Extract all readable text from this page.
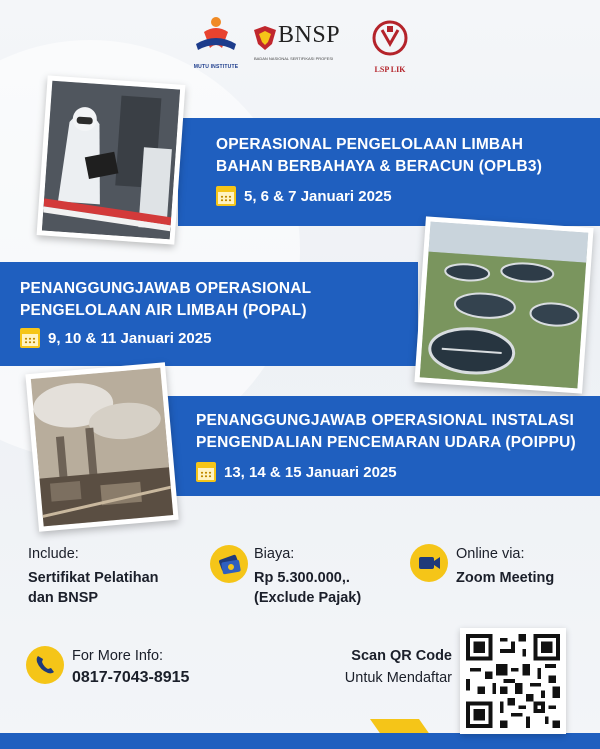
MUTU INSTITUTE
BNSP
BADAN NASIONAL SERTIFIKASI PROFESI
LSP LIK
OPERASIONAL PENGELOLAAN LIMBAH
BAHAN BERBAHAYA & BERACUN (OPLB3)
5, 6 & 7 Januari 2025
PENANGGUNGJAWAB OPERASIONAL
PENGELOLAAN AIR LIMBAH (POPAL)
9, 10 & 11 Januari 2025
PENANGGUNGJAWAB OPERASIONAL INSTALASI
PENGENDALIAN PENCEMARAN UDARA (POIPPU)
13, 14 & 15 Januari 2025
Include:
Sertifikat Pelatihan
dan BNSP
Biaya:
Rp 5.300.000,.
(Exclude Pajak)
Online via:
Zoom Meeting
For More Info:
0817-7043-8915
Scan QR Code
Untuk Mendaftar
